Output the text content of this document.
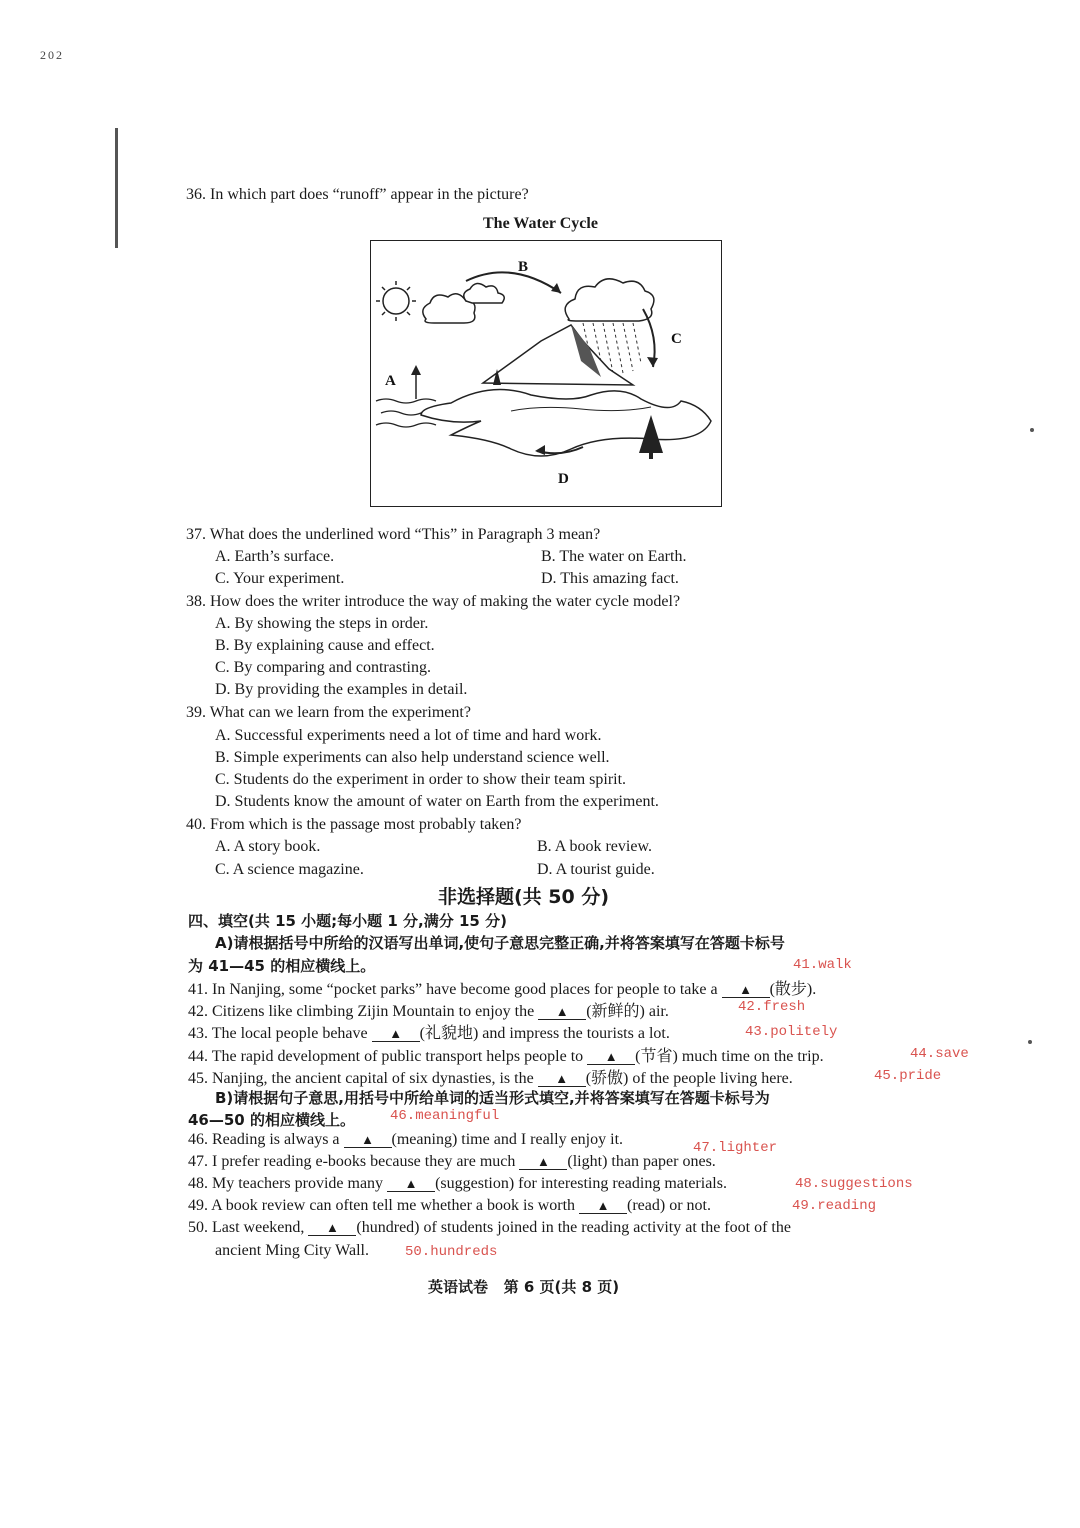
202
36. In which part does “runoff” appear in the picture?
The Water Cycle
A
B
C
D
37. What does the underlined word “This” in Paragraph 3 mean?
A. Earth’s surface.	B. The water on Earth.
C. Your experiment.	D. This amazing fact.
38. How does the writer introduce the way of making the water cycle model?
A. By showing the steps in order.
B. By explaining cause and effect.
C. By comparing and contrasting.
D. By providing the examples in detail.
39. What can we learn from the experiment?
A. Successful experiments need a lot of time and hard work.
B. Simple experiments can also help understand science well.
C. Students do the experiment in order to show their team spirit.
D. Students know the amount of water on Earth from the experiment.
40. From which is the passage most probably taken?
A. A story book.	B. A book review.
C. A science magazine.	D. A tourist guide.
非选择题(共 50 分)
四、填空(共 15 小题;每小题 1 分,满分 15 分)
A)请根据括号中所给的汉语写出单词,使句子意思完整正确,并将答案填写在答题卡标号
为 41—45 的相应横线上。	41.walk
41. In Nanjing, some “pocket parks” have become good places for people to take a ▲ (散步).
42. Citizens like climbing Zijin Mountain to enjoy the ▲ (新鲜的) air.	42.fresh
43. The local people behave ▲ (礼貌地) and impress the tourists a lot.	43.politely
44. The rapid development of public transport helps people to ▲ (节省) much time on the trip.	44.save
45. Nanjing, the ancient capital of six dynasties, is the ▲ (骄傲) of the people living here.	45.pride
B)请根据句子意思,用括号中所给单词的适当形式填空,并将答案填写在答题卡标号为
46—50 的相应横线上。	46.meaningful
46. Reading is always a ▲ (meaning) time and I really enjoy it.	47.lighter
47. I prefer reading e-books because they are much ▲ (light) than paper ones.
48. My teachers provide many ▲ (suggestion) for interesting reading materials.	48.suggestions
49. A book review can often tell me whether a book is worth ▲ (read) or not.	49.reading
50. Last weekend, ▲ (hundred) of students joined in the reading activity at the foot of the
ancient Ming City Wall.	50.hundreds
英语试卷   第 6 页(共 8 页)
